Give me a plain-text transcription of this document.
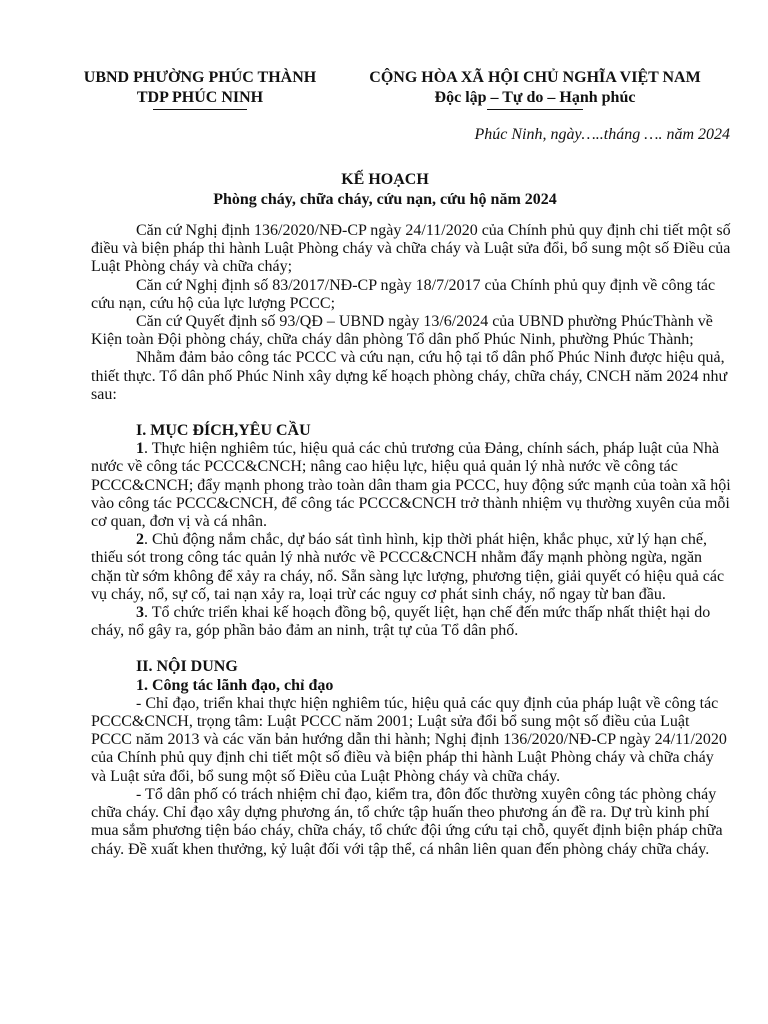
UBND PHƯỜNG PHÚC THÀNH
TDP PHÚC NINH
CỘNG HÒA XÃ HỘI CHỦ NGHĨA VIỆT NAM
Độc lập – Tự do – Hạnh phúc
Phúc Ninh, ngày…..tháng …. năm 2024
KẾ HOẠCH
Phòng cháy, chữa cháy, cứu nạn, cứu hộ năm 2024

Căn cứ Nghị định 136/2020/NĐ-CP ngày 24/11/2020 của Chính phủ quy định chi tiết một số điều và biện pháp thi hành Luật Phòng cháy và chữa cháy và Luật sửa đổi, bổ sung một số Điều của Luật Phòng cháy và chữa cháy;

Căn cứ Nghị định số 83/2017/NĐ-CP ngày 18/7/2017 của Chính phủ quy định về công tác cứu nạn, cứu hộ của lực lượng PCCC;

Căn cứ Quyết định số 93/QĐ – UBND ngày 13/6/2024 của UBND phường PhúcThành về Kiện toàn Đội phòng cháy, chữa cháy dân phòng Tổ dân phố Phúc Ninh, phường Phúc Thành;

Nhằm đảm bảo công tác PCCC và cứu nạn, cứu hộ tại tổ dân phố Phúc Ninh được hiệu quả, thiết thực. Tổ dân phố Phúc Ninh xây dựng kế hoạch phòng cháy, chữa cháy, CNCH năm 2024 như sau:

I. MỤC ĐÍCH,YÊU CẦU

1. Thực hiện nghiêm túc, hiệu quả các chủ trương của Đảng, chính sách, pháp luật của Nhà nước về công tác PCCC&CNCH; nâng cao hiệu lực, hiệu quả quản lý nhà nước về công tác PCCC&CNCH; đẩy mạnh phong trào toàn dân tham gia PCCC, huy động sức mạnh của toàn xã hội vào công tác PCCC&CNCH, để công tác PCCC&CNCH trở thành nhiệm vụ thường xuyên của mỗi cơ quan, đơn vị và cá nhân.

2. Chủ động nắm chắc, dự báo sát tình hình, kịp thời phát hiện, khắc phục, xử lý hạn chế, thiếu sót trong công tác quản lý nhà nước về PCCC&CNCH nhằm đẩy mạnh phòng ngừa, ngăn chặn từ sớm không để xảy ra cháy, nổ. Sẵn sàng lực lượng, phương tiện, giải quyết có hiệu quả các vụ cháy, nổ, sự cố, tai nạn xảy ra, loại trừ các nguy cơ phát sinh cháy, nổ ngay từ ban đầu.

3. Tổ chức triển khai kế hoạch đồng bộ, quyết liệt, hạn chế đến mức thấp nhất thiệt hại do cháy, nổ gây ra, góp phần bảo đảm an ninh, trật tự của Tổ dân phố.

II. NỘI DUNG
1. Công tác lãnh đạo, chỉ đạo

- Chỉ đạo, triển khai thực hiện nghiêm túc, hiệu quả các quy định của pháp luật về công tác PCCC&CNCH, trọng tâm: Luật PCCC năm 2001; Luật sửa đổi bổ sung một số điều của Luật PCCC năm 2013 và các văn bản hướng dẫn thi hành; Nghị định 136/2020/NĐ-CP ngày 24/11/2020 của Chính phủ quy định chi tiết một số điều và biện pháp thi hành Luật Phòng cháy và chữa cháy và Luật sửa đổi, bổ sung một số Điều của Luật Phòng cháy và chữa cháy.

- Tổ dân phố có trách nhiệm chỉ đạo, kiểm tra, đôn đốc thường xuyên công tác phòng cháy chữa cháy. Chỉ đạo xây dựng phương án, tổ chức tập huấn theo phương án đề ra. Dự trù kinh phí mua sắm phương tiện báo cháy, chữa cháy, tổ chức đội ứng cứu tại chỗ, quyết định biện pháp chữa cháy. Đề xuất khen thưởng, kỷ luật đối với tập thể, cá nhân liên quan đến phòng cháy chữa cháy.
